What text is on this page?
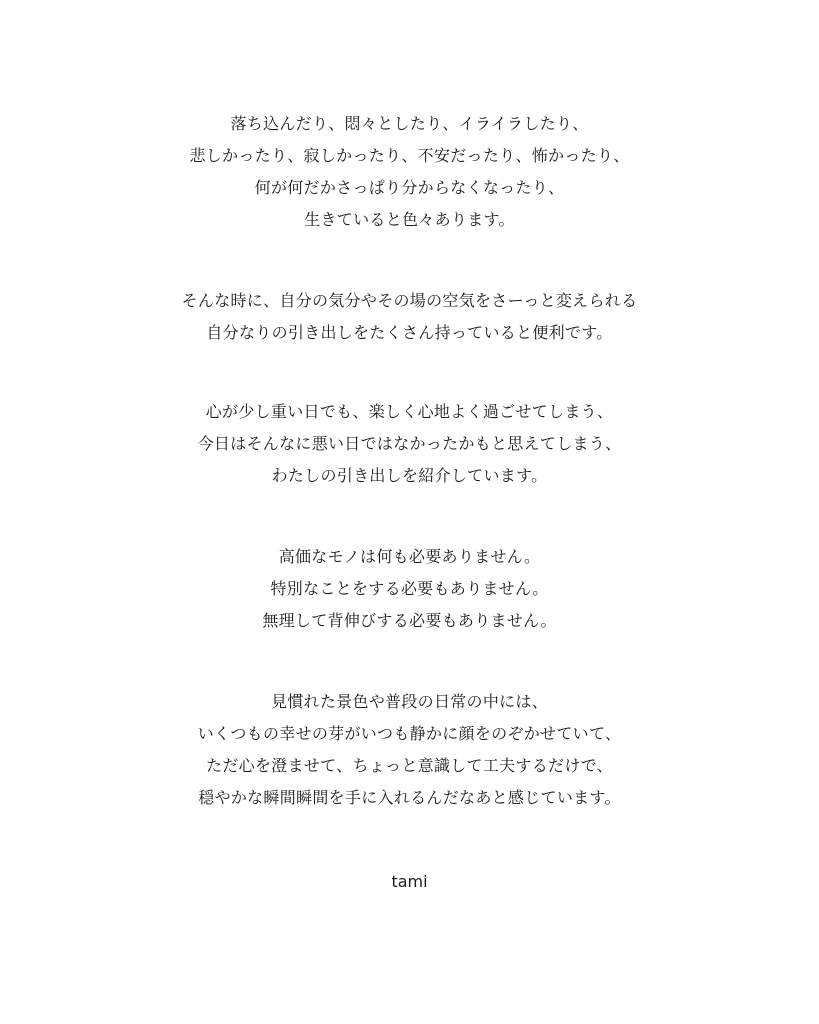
落ち込んだり、悶々としたり、イライラしたり、
悲しかったり、寂しかったり、不安だったり、怖かったり、
何が何だかさっぱり分からなくなったり、
生きていると色々あります。
そんな時に、自分の気分やその場の空気をさーっと変えられる
自分なりの引き出しをたくさん持っていると便利です。
心が少し重い日でも、楽しく心地よく過ごせてしまう、
今日はそんなに悪い日ではなかったかもと思えてしまう、
わたしの引き出しを紹介しています。
高価なモノは何も必要ありません。
特別なことをする必要もありません。
無理して背伸びする必要もありません。
見慣れた景色や普段の日常の中には、
いくつもの幸せの芽がいつも静かに顔をのぞかせていて、
ただ心を澄ませて、ちょっと意識して工夫するだけで、
穏やかな瞬間瞬間を手に入れるんだなあと感じています。
tami
